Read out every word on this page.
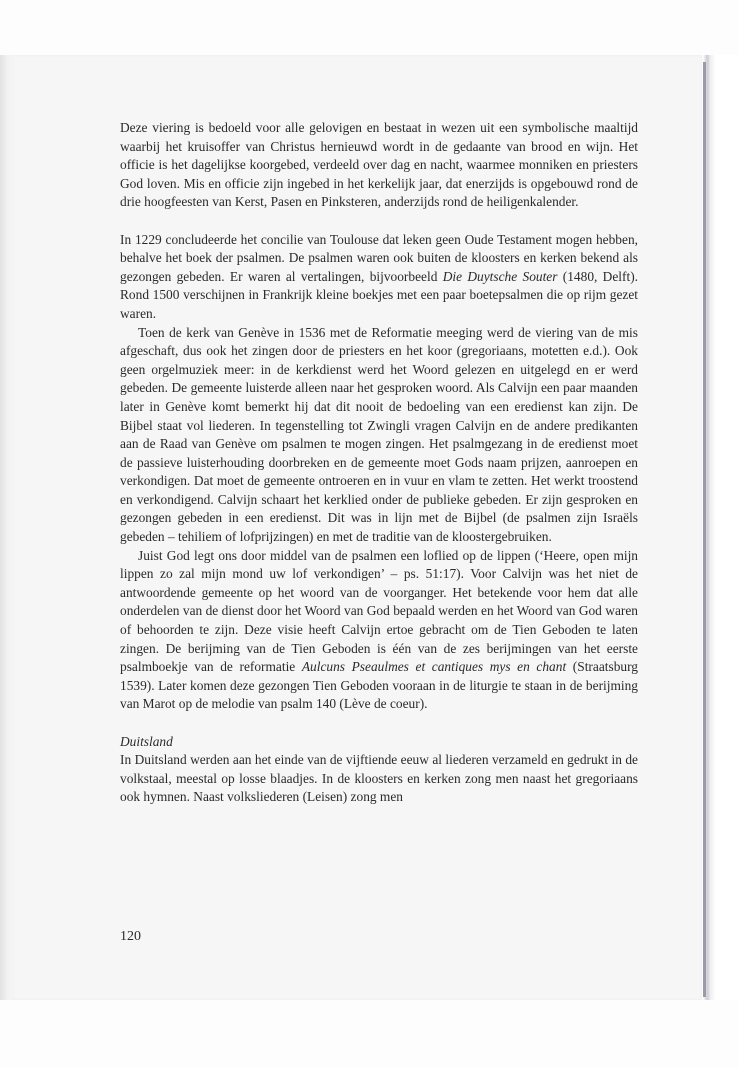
Deze viering is bedoeld voor alle gelovigen en bestaat in wezen uit een symbolische maaltijd waarbij het kruisoffer van Christus hernieuwd wordt in de gedaante van brood en wijn. Het officie is het dagelijkse koorgebed, verdeeld over dag en nacht, waarmee monniken en priesters God loven. Mis en officie zijn ingebed in het kerkelijk jaar, dat enerzijds is opgebouwd rond de drie hoogfeesten van Kerst, Pasen en Pinksteren, anderzijds rond de heiligenkalender.

In 1229 concludeerde het concilie van Toulouse dat leken geen Oude Testament mogen hebben, behalve het boek der psalmen. De psalmen waren ook buiten de kloosters en kerken bekend als gezongen gebeden. Er waren al vertalingen, bijvoorbeeld Die Duytsche Souter (1480, Delft). Rond 1500 verschijnen in Frankrijk kleine boekjes met een paar boetepsalmen die op rijm gezet waren.

Toen de kerk van Genève in 1536 met de Reformatie meeging werd de viering van de mis afgeschaft, dus ook het zingen door de priesters en het koor (gregoriaans, motetten e.d.). Ook geen orgelmuziek meer: in de kerkdienst werd het Woord gelezen en uitgelegd en er werd gebeden. De gemeente luisterde alleen naar het gesproken woord. Als Calvijn een paar maanden later in Genève komt bemerkt hij dat dit nooit de bedoeling van een eredienst kan zijn. De Bijbel staat vol liederen. In tegenstelling tot Zwingli vragen Calvijn en de andere predikanten aan de Raad van Genève om psalmen te mogen zingen. Het psalmgezang in de eredienst moet de passieve luisterhouding doorbreken en de gemeente moet Gods naam prijzen, aanroepen en verkondigen. Dat moet de gemeente ontroeren en in vuur en vlam te zetten. Het werkt troostend en verkondigend. Calvijn schaart het kerklied onder de publieke gebeden. Er zijn gesproken en gezongen gebeden in een eredienst. Dit was in lijn met de Bijbel (de psalmen zijn Israëls gebeden – tehiliem of lofprijzingen) en met de traditie van de kloostergebruiken.

Juist God legt ons door middel van de psalmen een loflied op de lippen (‘Heere, open mijn lippen zo zal mijn mond uw lof verkondigen’ – ps. 51:17). Voor Calvijn was het niet de antwoordende gemeente op het woord van de voorganger. Het betekende voor hem dat alle onderdelen van de dienst door het Woord van God bepaald werden en het Woord van God waren of behoorden te zijn. Deze visie heeft Calvijn ertoe gebracht om de Tien Geboden te laten zingen. De berijming van de Tien Geboden is één van de zes berijmingen van het eerste psalmboekje van de reformatie Aulcuns Pseaulmes et cantiques mys en chant (Straatsburg 1539). Later komen deze gezongen Tien Geboden vooraan in de liturgie te staan in de berijming van Marot op de melodie van psalm 140 (Lève de coeur).

Duitsland

In Duitsland werden aan het einde van de vijftiende eeuw al liederen verzameld en gedrukt in de volkstaal, meestal op losse blaadjes. In de kloosters en kerken zong men naast het gregoriaans ook hymnen. Naast volksliederen (Leisen) zong men

120
